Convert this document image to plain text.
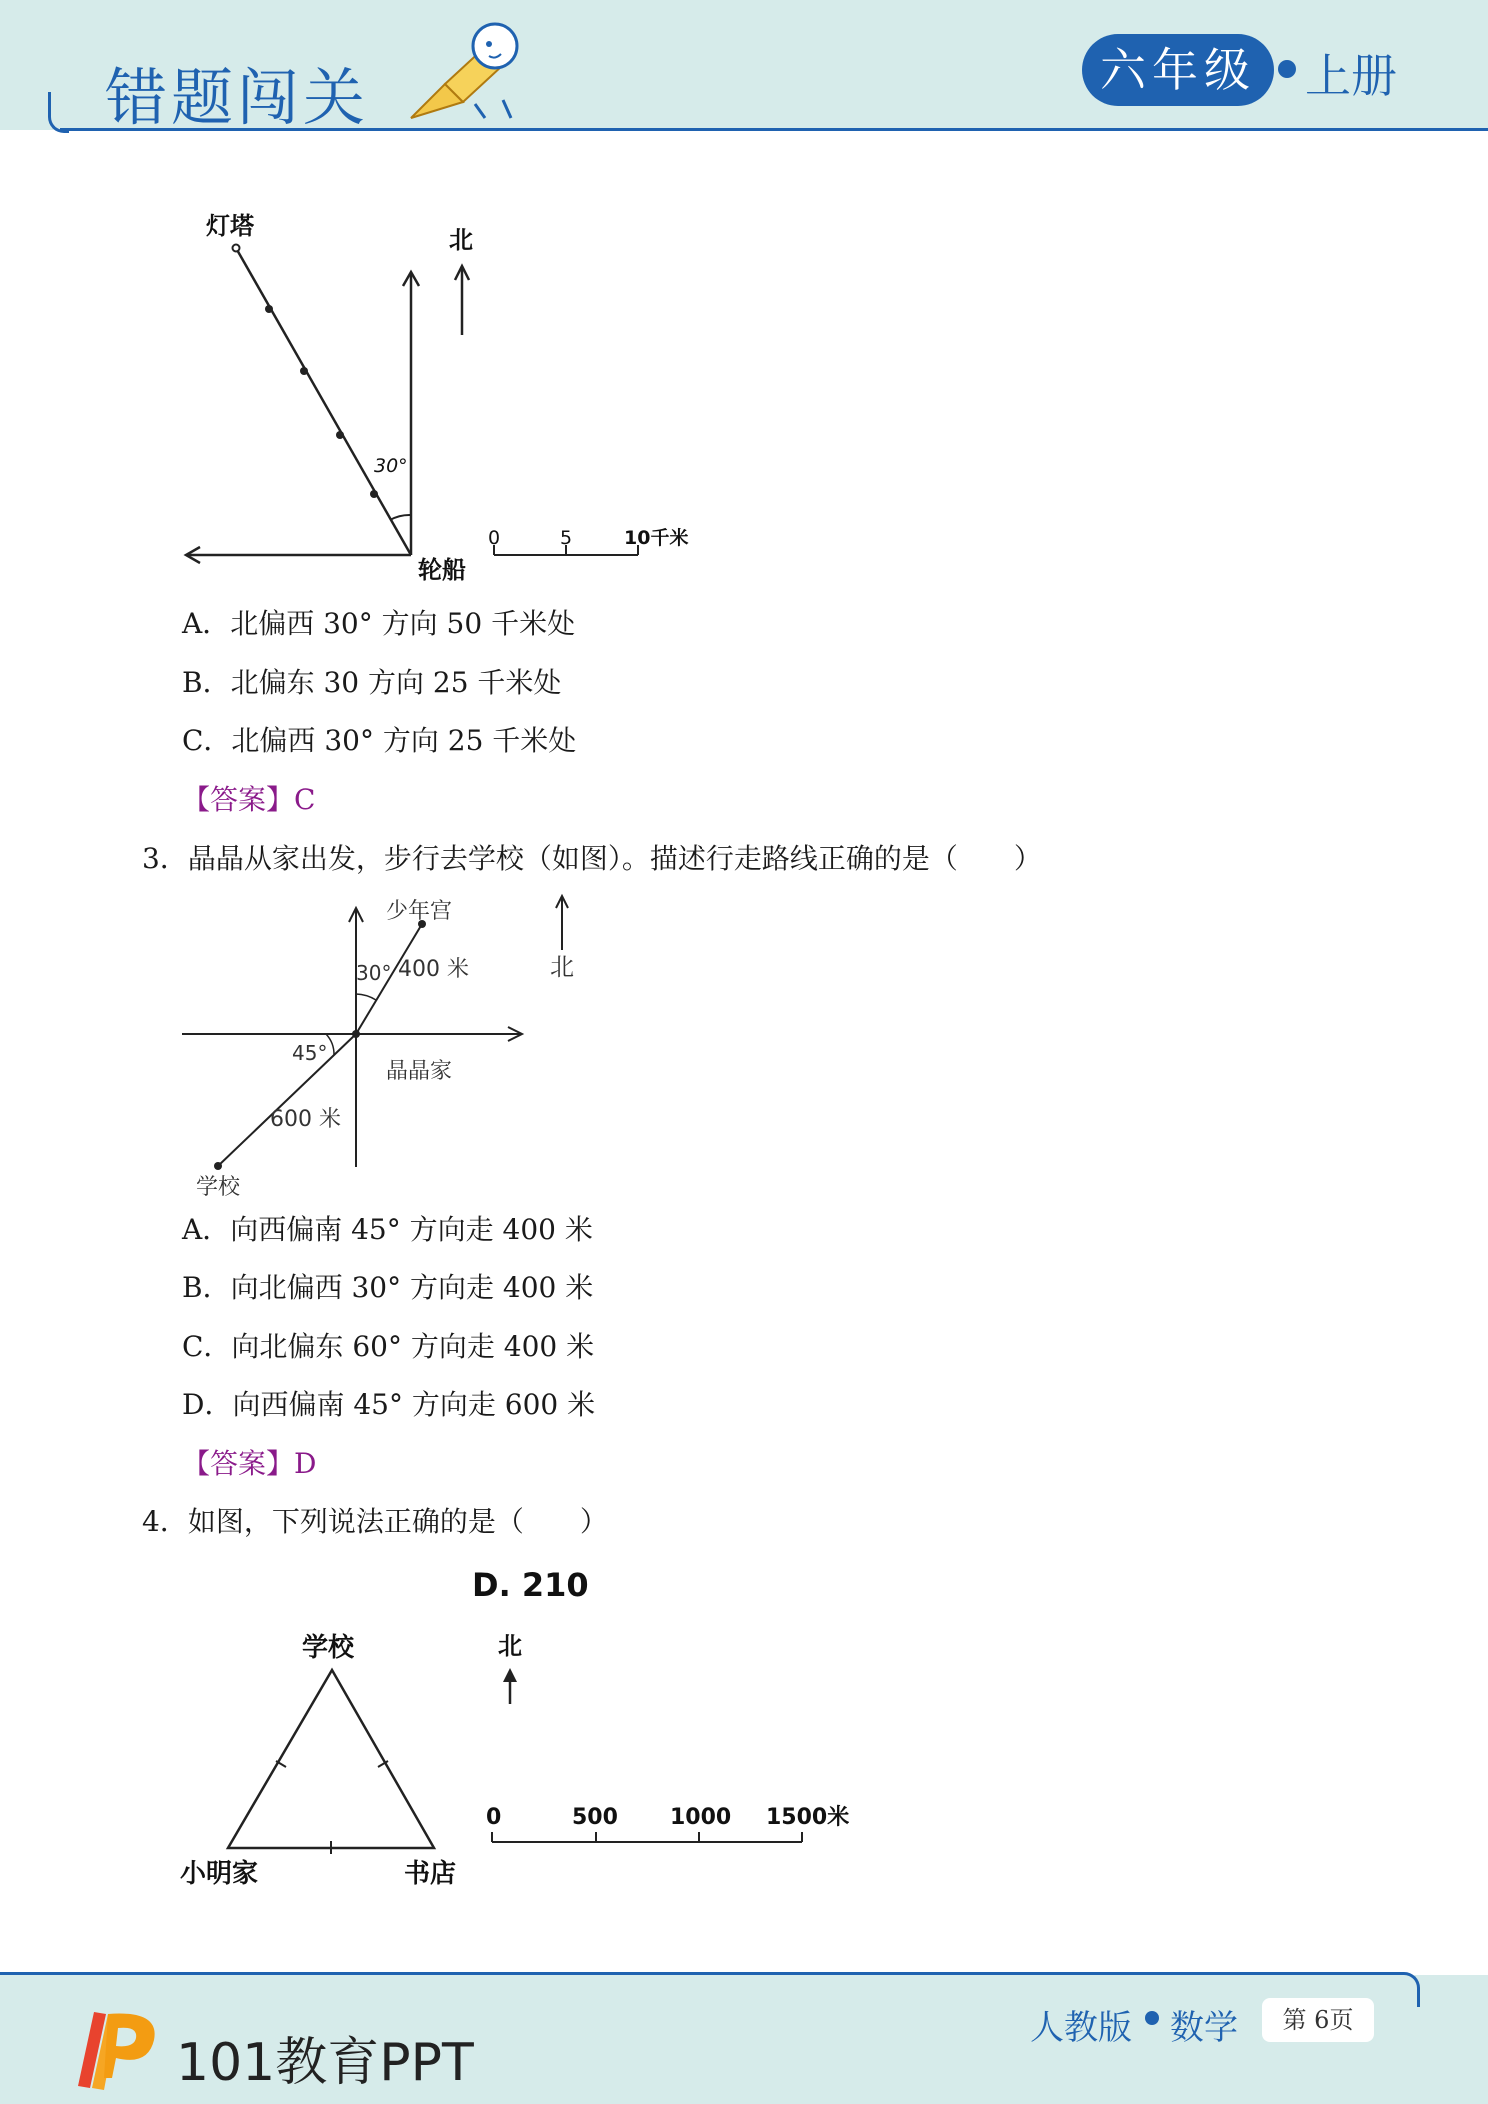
错题闯关	六年级	上册
灯塔	北
30°
轮船
0	5	10千米
A．北偏西 30° 方向 50 千米处
B．北偏东 30 方向 25 千米处
C．北偏西 30° 方向 25 千米处
【答案】C
3．晶晶从家出发，步行去学校（如图）。描述行走路线正确的是（　　）
少年宫
400 米
30°	北
45°
晶晶家
600 米
学校
A．向西偏南 45° 方向走 400 米
B．向北偏西 30° 方向走 400 米
C．向北偏东 60° 方向走 400 米
D．向西偏南 45° 方向走 600 米
【答案】D
4．如图，下列说法正确的是（　　）
D. 210
学校	北
小明家	书店
0	500 1000 1500米
101教育PPT
人教版 数学	第 6页
